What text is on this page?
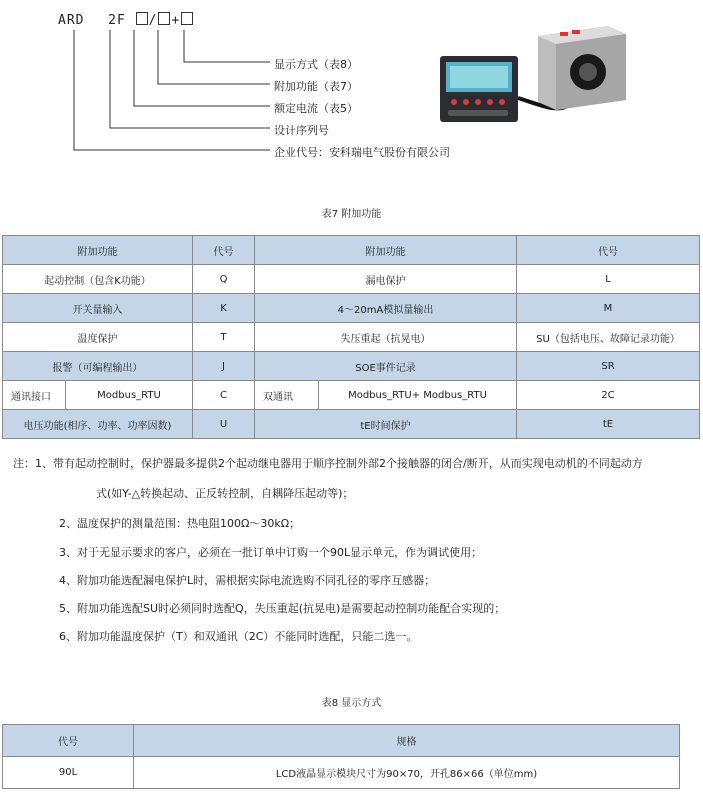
ARD 2F / +
显示方式（表8）
附加功能（表7）
额定电流（表5）
设计序列号
企业代号：安科瑞电气股份有限公司
表7 附加功能
附加功能		代号	附加功能		代号
起动控制（包含K功能）		Q	漏电保护		L
开关量输入		K	4～20mA模拟量输出		M
温度保护		T	失压重起（抗晃电）		SU（包括电压、故障记录功能）
报警（可编程输出）		J	SOE事件记录		SR
通讯接口	Modbus_RTU	C	双通讯	Modbus_RTU+ Modbus_RTU	2C
电压功能(相序、功率、功率因数)		U	tE时间保护		tE
注：1、带有起动控制时，保护器最多提供2个起动继电器用于顺序控制外部2个接触器的闭合/断开，从而实现电动机的不同起动方
式(如Y-△转换起动、正反转控制，自耦降压起动等)；
2、温度保护的测量范围：热电阻100Ω～30kΩ；
3、对于无显示要求的客户，必须在一批订单中订购一个90L显示单元，作为调试使用；
4、附加功能选配漏电保护L时，需根据实际电流选购不同孔径的零序互感器；
5、附加功能选配SU时必须同时选配Q，失压重起(抗晃电)是需要起动控制功能配合实现的；
6、附加功能温度保护（T）和双通讯（2C）不能同时选配，只能二选一。
表8 显示方式
代号	规格
90L	LCD液晶显示模块尺寸为90×70，开孔86×66（单位mm)
